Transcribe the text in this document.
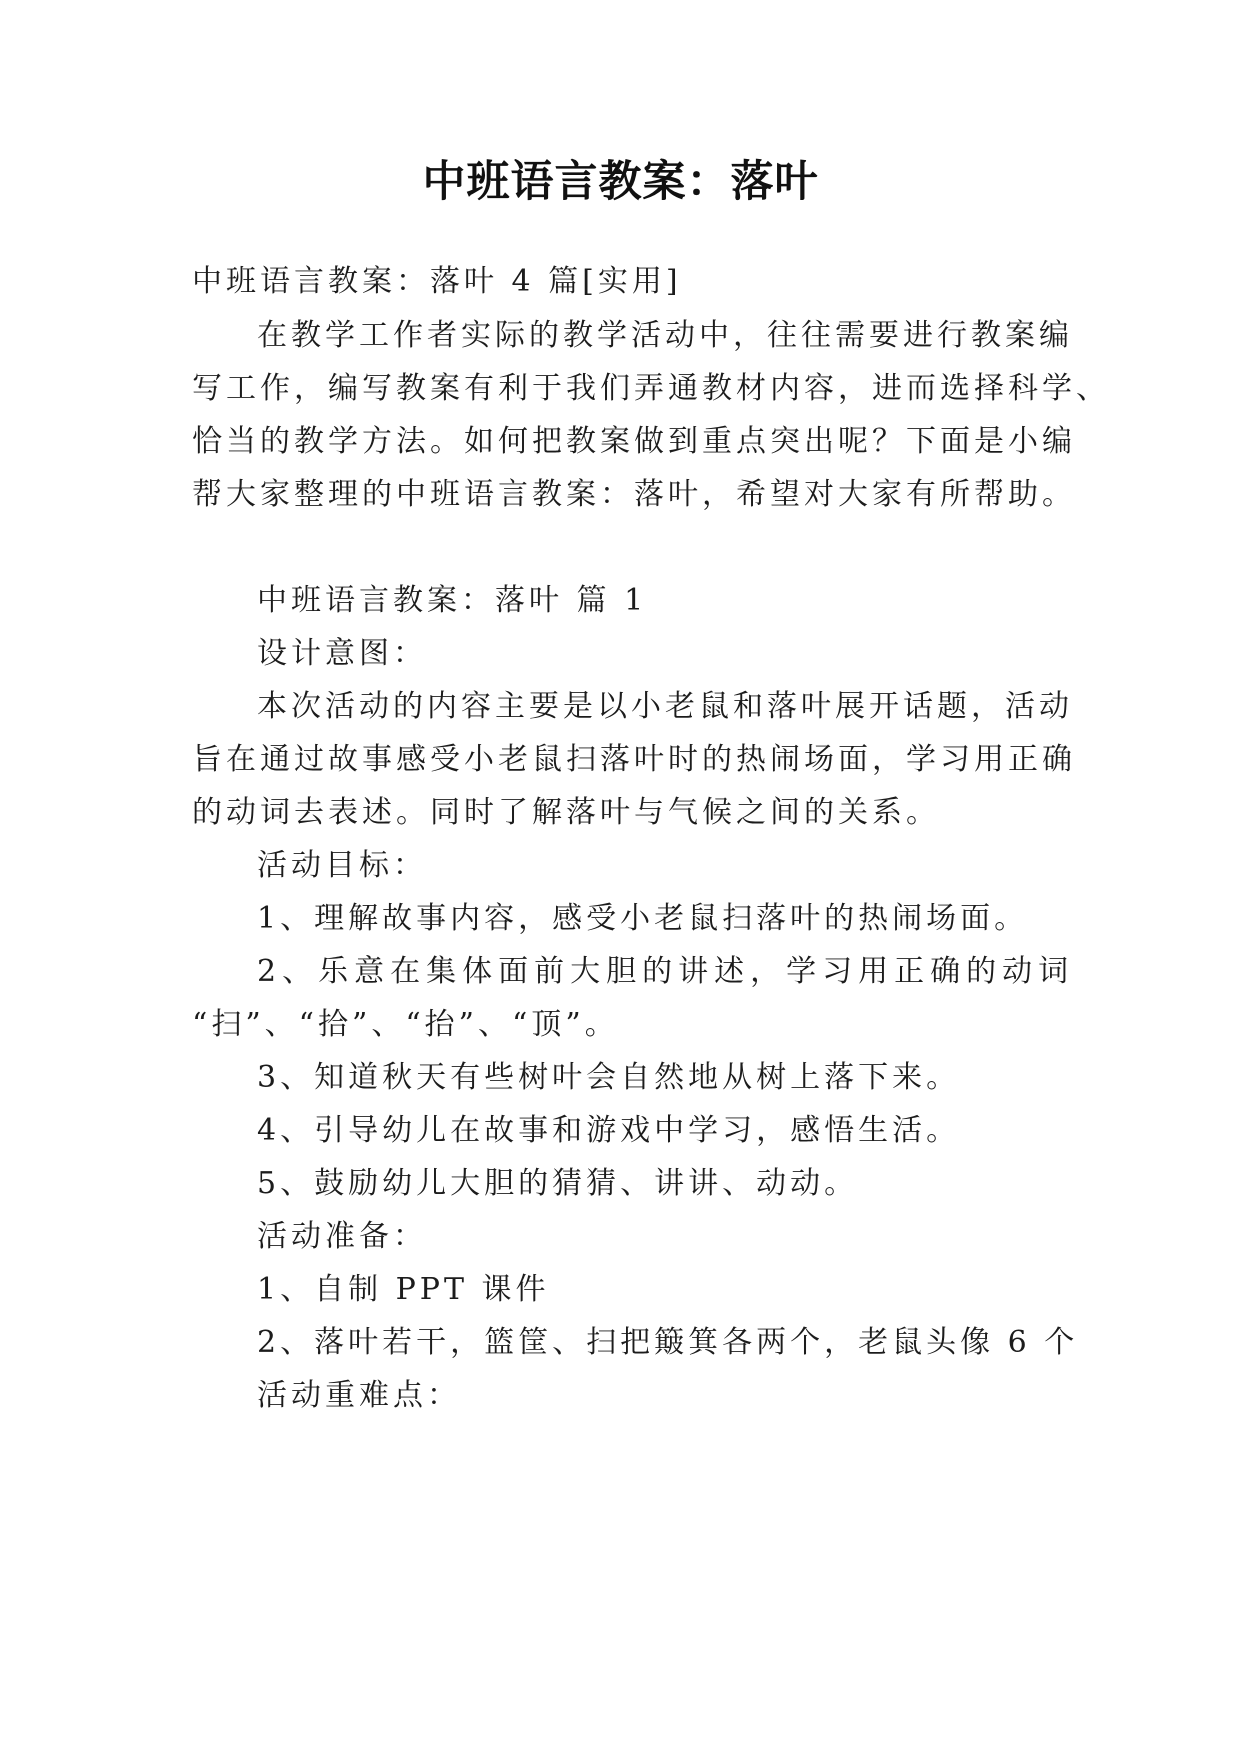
中班语言教案：落叶
中班语言教案：落叶 4 篇[实用]
在教学工作者实际的教学活动中，往往需要进行教案编
写工作，编写教案有利于我们弄通教材内容，进而选择科学、
恰当的教学方法。如何把教案做到重点突出呢？下面是小编
帮大家整理的中班语言教案：落叶，希望对大家有所帮助。
中班语言教案：落叶 篇 1
设计意图：
本次活动的内容主要是以小老鼠和落叶展开话题，活动
旨在通过故事感受小老鼠扫落叶时的热闹场面，学习用正确
的动词去表述。同时了解落叶与气候之间的关系。
活动目标：
1、理解故事内容，感受小老鼠扫落叶的热闹场面。
2、乐意在集体面前大胆的讲述，学习用正确的动词
“扫”、“拾”、“抬”、“顶”。
3、知道秋天有些树叶会自然地从树上落下来。
4、引导幼儿在故事和游戏中学习，感悟生活。
5、鼓励幼儿大胆的猜猜、讲讲、动动。
活动准备：
1、自制 PPT 课件
2、落叶若干，篮筐、扫把簸箕各两个，老鼠头像 6 个
活动重难点：
